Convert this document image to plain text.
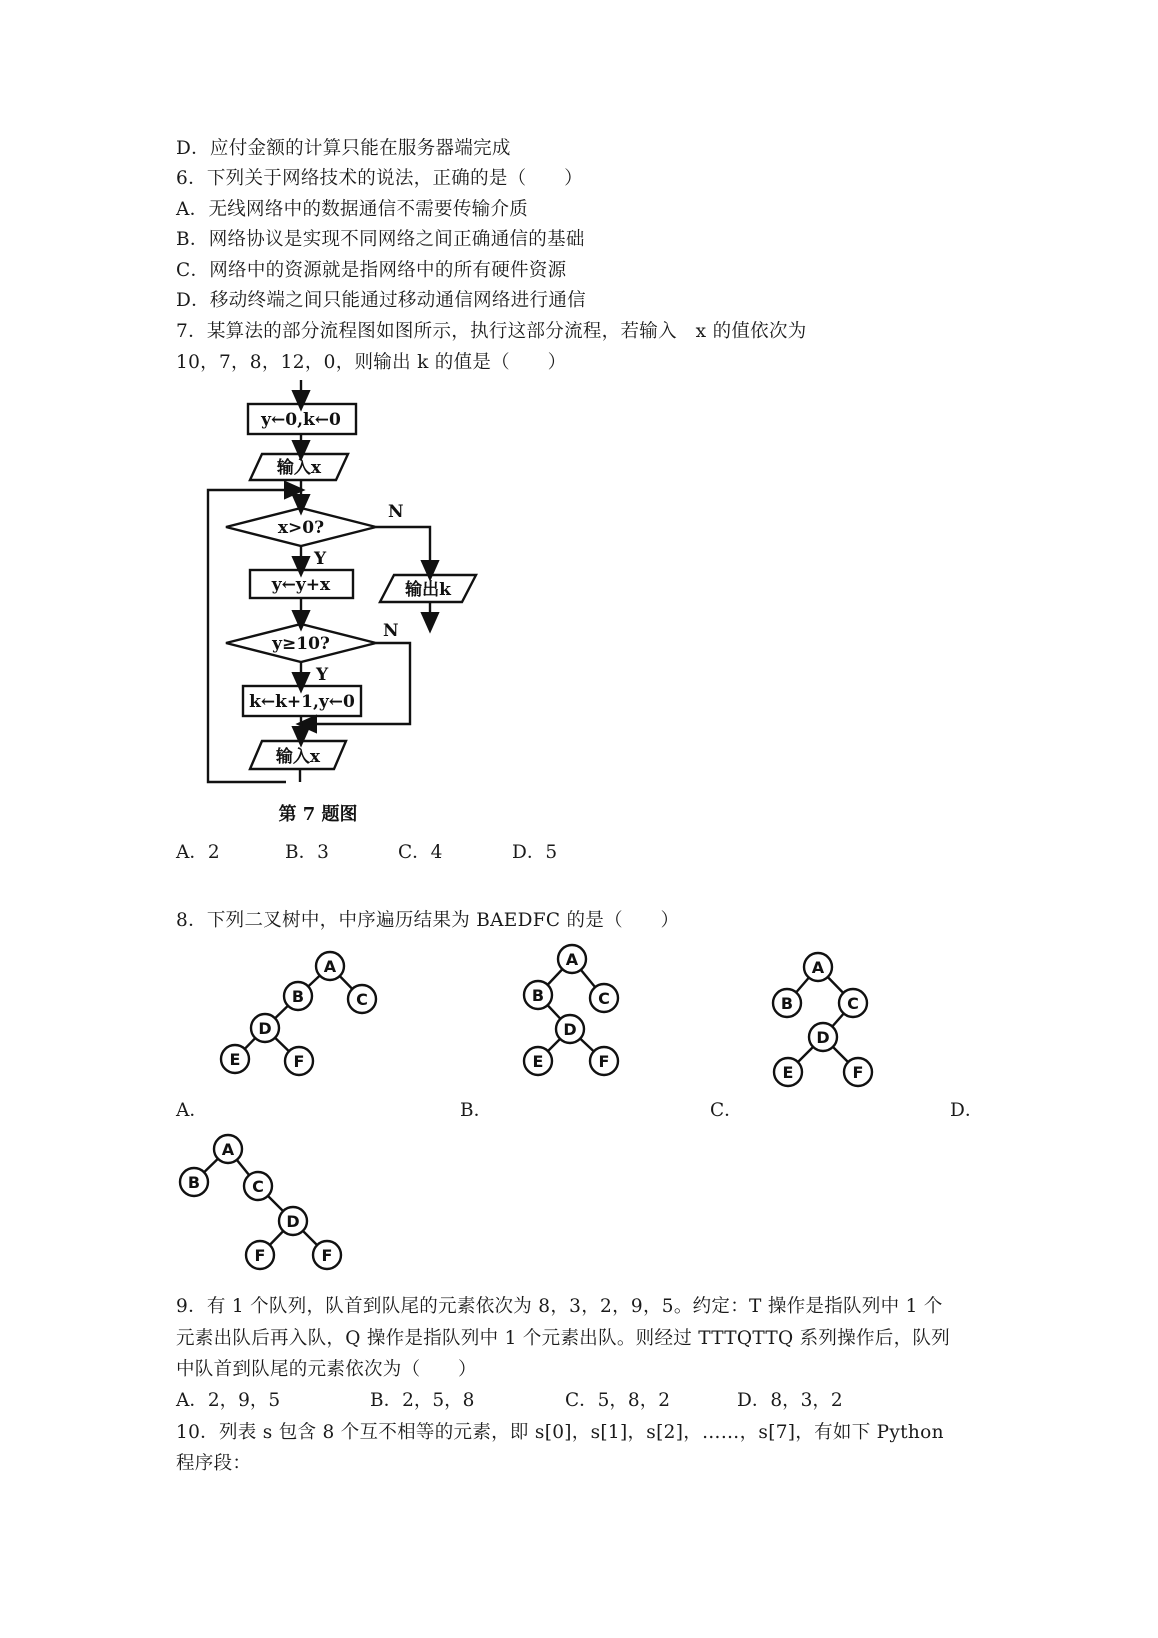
D．应付金额的计算只能在服务器端完成
6．下列关于网络技术的说法，正确的是（　　）
A．无线网络中的数据通信不需要传输介质
B．网络协议是实现不同网络之间正确通信的基础
C．网络中的资源就是指网络中的所有硬件资源
D．移动终端之间只能通过移动通信网络进行通信
7．某算法的部分流程图如图所示，执行这部分流程，若输入　x 的值依次为
10，7，8，12，0，则输出 k 的值是（　　）
y←0,k←0
输入x
x>0?
N
Y
y←y+x	输出k
y≥10?
N
Y
k←k+1,y←0
输入x
第 7 题图
A．2	B．3	C．4	D．5
8．下列二叉树中，中序遍历结果为 BAEDFC 的是（　　）
A
B	C
D
E	F
A
B	C
D
E	F
A
B	C
D
E	F
A．	B．	C．	D．
A
B	C
D
F	F
9．有 1 个队列，队首到队尾的元素依次为 8，3，2，9，5。约定：T 操作是指队列中 1 个
元素出队后再入队，Q 操作是指队列中 1 个元素出队。则经过 TTTQTTQ 系列操作后，队列
中队首到队尾的元素依次为（　　）
A．2，9，5	B．2，5，8	C．5，8，2	D．8，3，2
10．列表 s 包含 8 个互不相等的元素，即 s[0]，s[1]，s[2]，……，s[7]，有如下 Python
程序段：
